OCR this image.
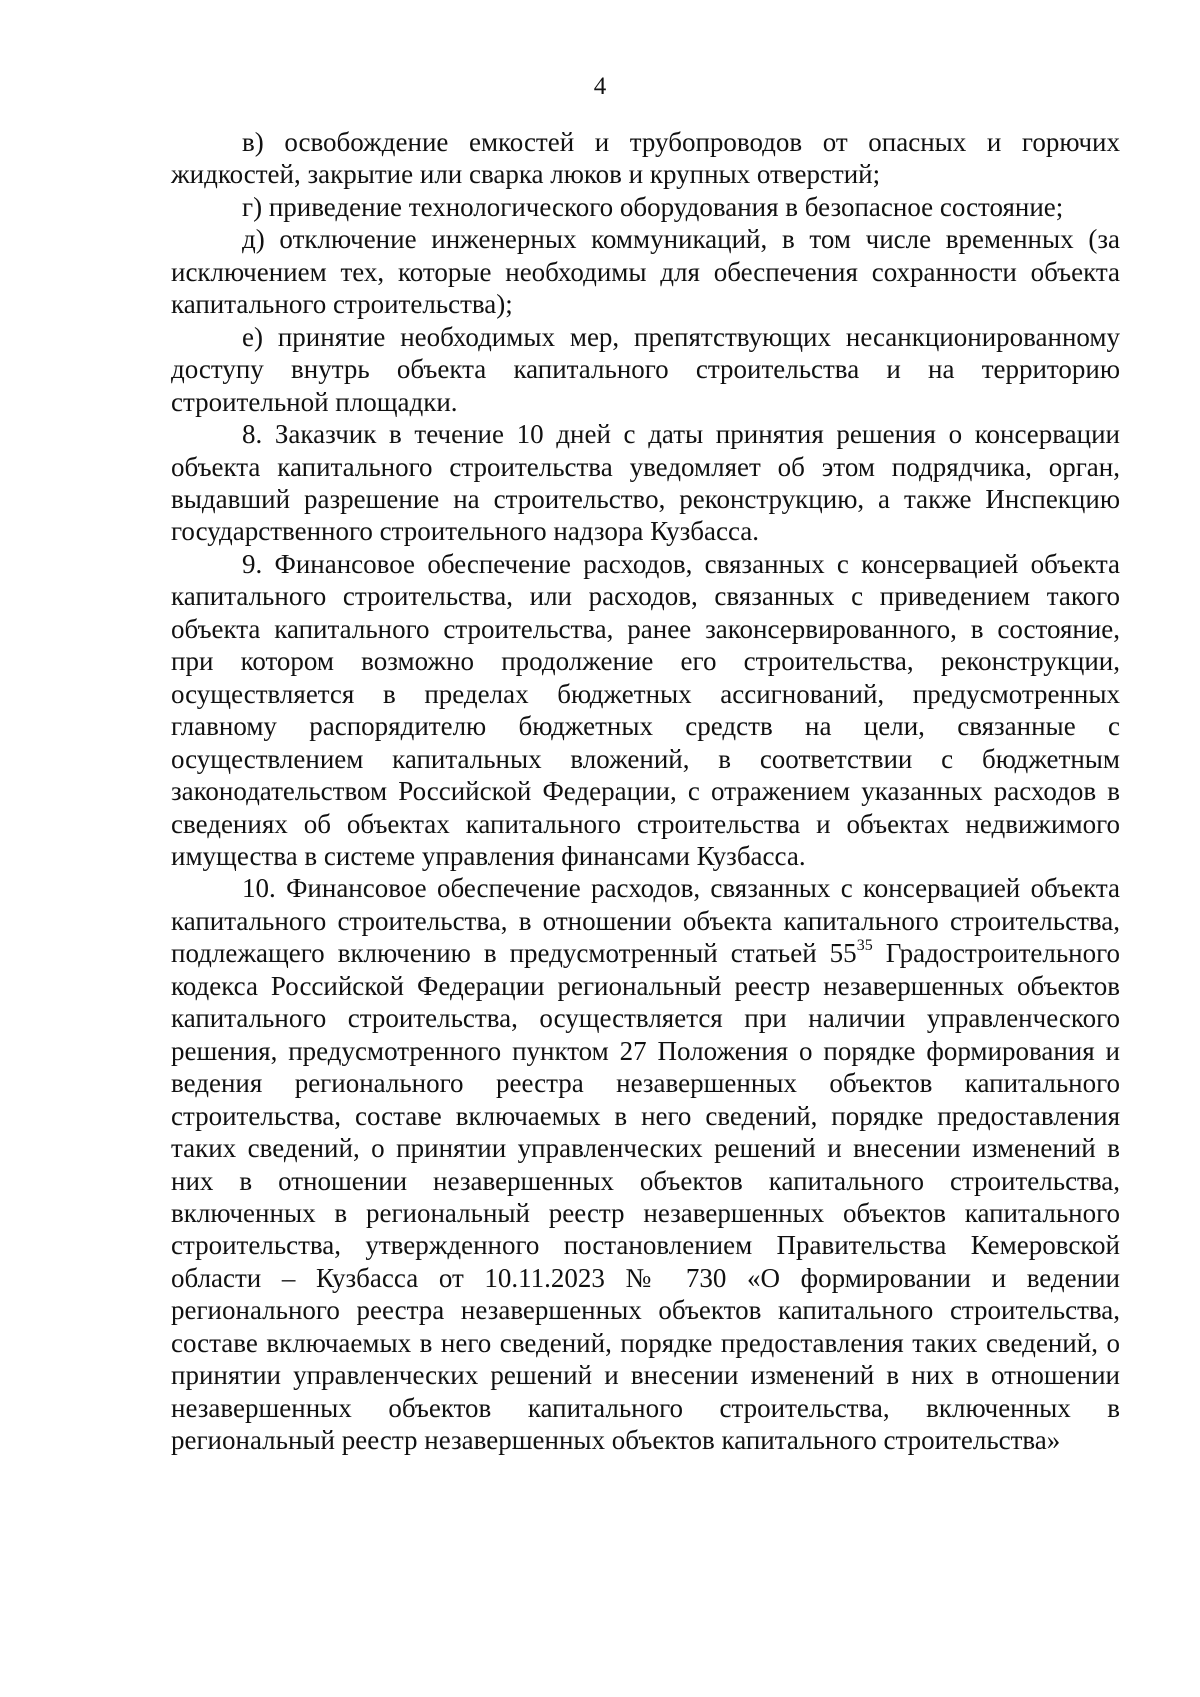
4

в) освобождение емкостей и трубопроводов от опасных и горючих жидкостей, закрытие или сварка люков и крупных отверстий;

г) приведение технологического оборудования в безопасное состояние;

д) отключение инженерных коммуникаций, в том числе временных (за исключением тех, которые необходимы для обеспечения сохранности объекта капитального строительства);

е) принятие необходимых мер, препятствующих несанкционированному доступу внутрь объекта капитального строительства и на территорию строительной площадки.

8. Заказчик в течение 10 дней с даты принятия решения о консервации объекта капитального строительства уведомляет об этом подрядчика, орган, выдавший разрешение на строительство, реконструкцию, а также Инспекцию государственного строительного надзора Кузбасса.

9. Финансовое обеспечение расходов, связанных с консервацией объекта капитального строительства, или расходов, связанных с приведением такого объекта капитального строительства, ранее законсервированного, в состояние, при котором возможно продолжение его строительства, реконструкции, осуществляется в пределах бюджетных ассигнований, предусмотренных главному распорядителю бюджетных средств на цели, связанные с осуществлением капитальных вложений, в соответствии с бюджетным законодательством Российской Федерации, с отражением указанных расходов в сведениях об объектах капитального строительства и объектах недвижимого имущества в системе управления финансами Кузбасса.

10. Финансовое обеспечение расходов, связанных с консервацией объекта капитального строительства, в отношении объекта капитального строительства, подлежащего включению в предусмотренный статьей $55^{35}$ Градостроительного кодекса Российской Федерации региональный реестр незавершенных объектов капитального строительства, осуществляется при наличии управленческого решения, предусмотренного пунктом 27 Положения о порядке формирования и ведения регионального реестра незавершенных объектов капитального строительства, составе включаемых в него сведений, порядке предоставления таких сведений, о принятии управленческих решений и внесении изменений в них в отношении незавершенных объектов капитального строительства, включенных в региональный реестр незавершенных объектов капитального строительства, утвержденного постановлением Правительства Кемеровской области – Кузбасса от 10.11.2023 № 730 «О формировании и ведении регионального реестра незавершенных объектов капитального строительства, составе включаемых в него сведений, порядке предоставления таких сведений, о принятии управленческих решений и внесении изменений в них в отношении незавершенных объектов капитального строительства, включенных в региональный реестр незавершенных объектов капитального строительства»
